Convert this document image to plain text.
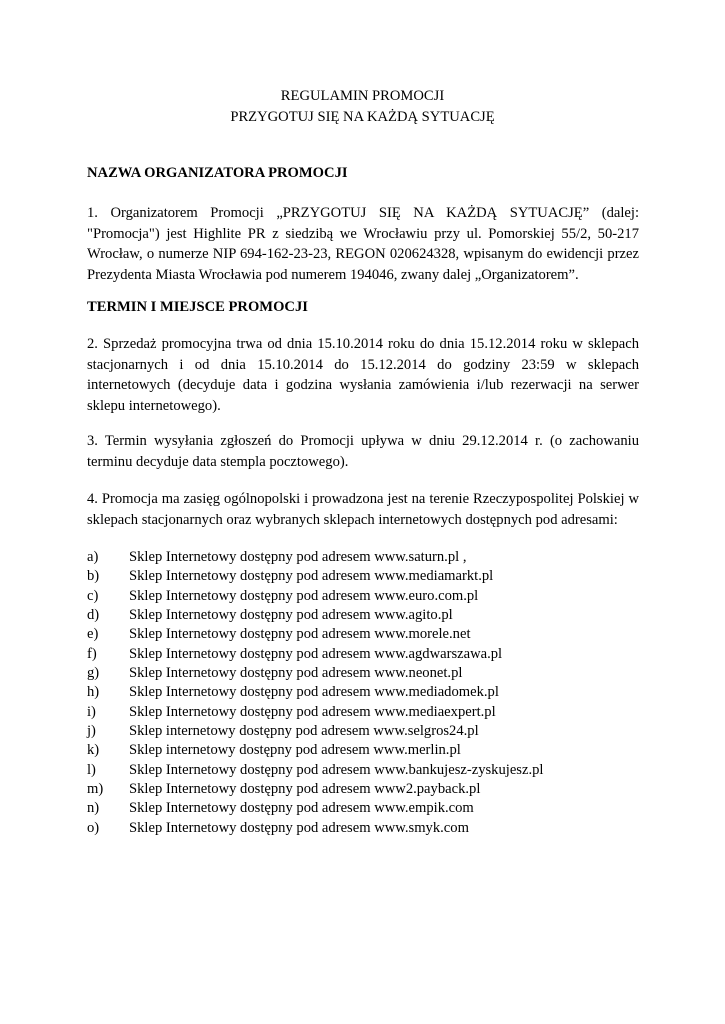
REGULAMIN PROMOCJI
PRZYGOTUJ SIĘ NA KAŻDĄ SYTUACJĘ
NAZWA ORGANIZATORA PROMOCJI
1. Organizatorem Promocji „PRZYGOTUJ SIĘ NA KAŻDĄ SYTUACJĘ” (dalej:
"Promocja") jest Highlite PR z siedzibą we Wrocławiu przy ul. Pomorskiej 55/2, 50-217
Wrocław, o numerze NIP 694-162-23-23, REGON 020624328, wpisanym do ewidencji przez
Prezydenta Miasta Wrocławia pod numerem 194046, zwany dalej „Organizatorem”.
TERMIN I MIEJSCE PROMOCJI
2. Sprzedaż promocyjna trwa od dnia 15.10.2014 roku do dnia 15.12.2014 roku w sklepach
stacjonarnych i od dnia 15.10.2014 do 15.12.2014 do godziny 23:59 w sklepach
internetowych (decyduje data i godzina wysłania zamówienia i/lub rezerwacji na serwer
sklepu internetowego).
3. Termin wysyłania zgłoszeń do Promocji upływa w dniu 29.12.2014 r. (o zachowaniu
terminu decyduje data stempla pocztowego).
4. Promocja ma zasięg ogólnopolski i prowadzona jest na terenie Rzeczypospolitej Polskiej w
sklepach stacjonarnych oraz wybranych sklepach internetowych dostępnych pod adresami:
a) Sklep Internetowy dostępny pod adresem www.saturn.pl ,
b) Sklep Internetowy dostępny pod adresem www.mediamarkt.pl
c) Sklep Internetowy dostępny pod adresem www.euro.com.pl
d) Sklep Internetowy dostępny pod adresem www.agito.pl
e) Sklep Internetowy dostępny pod adresem www.morele.net
f) Sklep Internetowy dostępny pod adresem www.agdwarszawa.pl
g) Sklep Internetowy dostępny pod adresem www.neonet.pl
h) Sklep Internetowy dostępny pod adresem www.mediadomek.pl
i) Sklep Internetowy dostępny pod adresem www.mediaexpert.pl
j) Sklep internetowy dostępny pod adresem www.selgros24.pl
k) Sklep internetowy dostępny pod adresem www.merlin.pl
l) Sklep Internetowy dostępny pod adresem www.bankujesz-zyskujesz.pl
m) Sklep Internetowy dostępny pod adresem www2.payback.pl
n) Sklep Internetowy dostępny pod adresem www.empik.com
o) Sklep Internetowy dostępny pod adresem www.smyk.com
